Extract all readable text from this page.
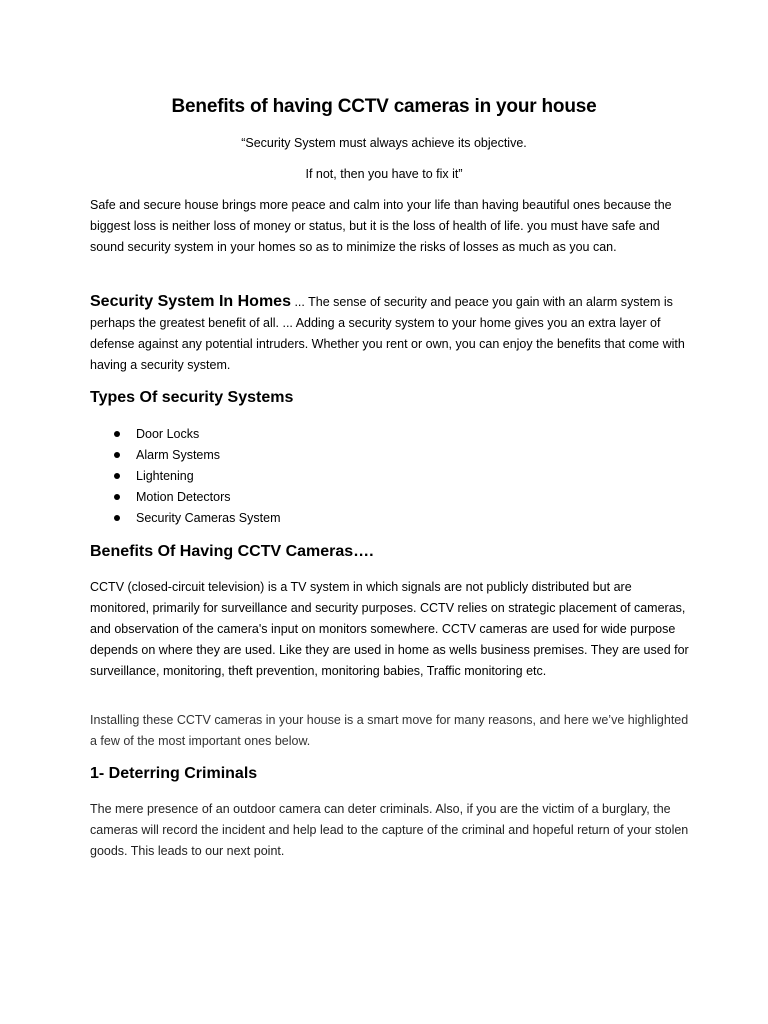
Benefits of having CCTV cameras in your house

“Security System must always achieve its objective.

If not, then you have to fix it”

Safe and secure house brings more peace and calm into your life than having beautiful ones because the biggest loss is neither loss of money or status, but it is the loss of health of life. you must have safe and sound security system in your homes so as to minimize the risks of losses as much as you can.

Security System In Homes ... The sense of security and peace you gain with an alarm system is perhaps the greatest benefit of all. ... Adding a security system to your home gives you an extra layer of defense against any potential intruders. Whether you rent or own, you can enjoy the benefits that come with having a security system.

Types Of security Systems
Door Locks
Alarm Systems
Lightening
Motion Detectors
Security Cameras System
Benefits Of Having CCTV Cameras….

CCTV (closed-circuit television) is a TV system in which signals are not publicly distributed but are monitored, primarily for surveillance and security purposes. CCTV relies on strategic placement of cameras, and observation of the camera's input on monitors somewhere. CCTV cameras are used for wide purpose depends on where they are used. Like they are used in home as wells business premises. They are used for surveillance, monitoring, theft prevention, monitoring babies, Traffic monitoring etc.

Installing these CCTV cameras in your house is a smart move for many reasons, and here we’ve highlighted a few of the most important ones below.

1- Deterring Criminals

The mere presence of an outdoor camera can deter criminals. Also, if you are the victim of a burglary, the cameras will record the incident and help lead to the capture of the criminal and hopeful return of your stolen goods. This leads to our next point.
